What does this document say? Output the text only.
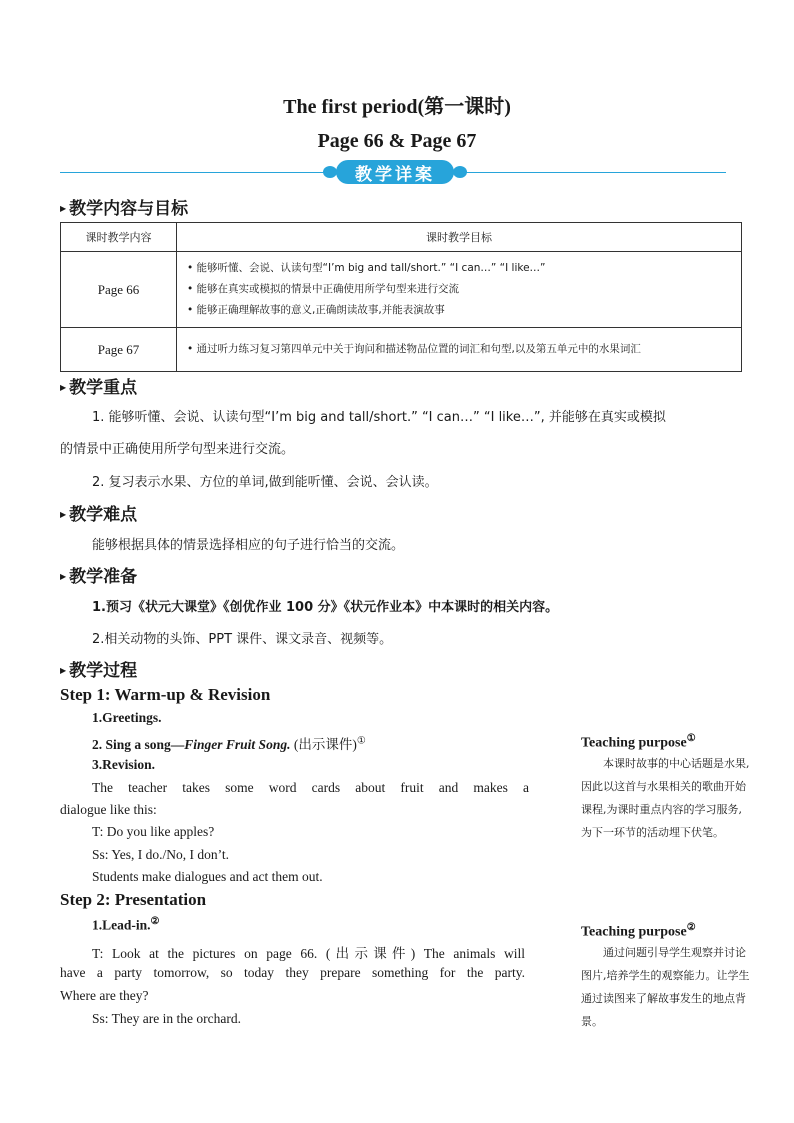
The first period(第一课时)
Page 66 & Page 67
教学详案
▶ 教学内容与目标
课时教学内容	课时教学目标
Page 66	• 能够听懂、会说、认读句型“I’m big and tall/short.” “I can…” “I like…”
• 能够在真实或模拟的情景中正确使用所学句型来进行交流
• 能够正确理解故事的意义,正确朗读故事,并能表演故事

Page 67	• 通过听力练习复习第四单元中关于询问和描述物品位置的词汇和句型,以及第五单元中的水果词汇
▶ 教学重点
1. 能够听懂、会说、认读句型“I’m big and tall/short.” “I can…” “I like…”, 并能够在真实或模拟
的情景中正确使用所学句型来进行交流。
2. 复习表示水果、方位的单词,做到能听懂、会说、会认读。
▶ 教学难点
能够根据具体的情景选择相应的句子进行恰当的交流。
▶ 教学准备
1.预习《状元大课堂》《创优作业 100 分》《状元作业本》中本课时的相关内容。
2.相关动物的头饰、PPT 课件、课文录音、视频等。
▶ 教学过程
Step 1: Warm-up & Revision
1.Greetings.
2. Sing a song—Finger Fruit Song. (出示课件)①
3.Revision.
The teacher takes some word cards about fruit and makes a
dialogue like this:
T: Do you like apples?
Ss: Yes, I do./No, I don’t.
Students make dialogues and act them out.
Step 2: Presentation
1.Lead-in.②
T: Look at the pictures on page 66. (出示课件) The animals will
have a party tomorrow, so today they prepare something for the party.
Where are they?
Ss: They are in the orchard.
Teaching purpose①
本课时故事的中心话题是水果,因此以这首与水果相关的歌曲开始课程,为课时重点内容的学习服务,为下一环节的活动埋下伏笔。
Teaching purpose②
通过问题引导学生观察并讨论图片,培养学生的观察能力。让学生通过读图来了解故事发生的地点背景。
